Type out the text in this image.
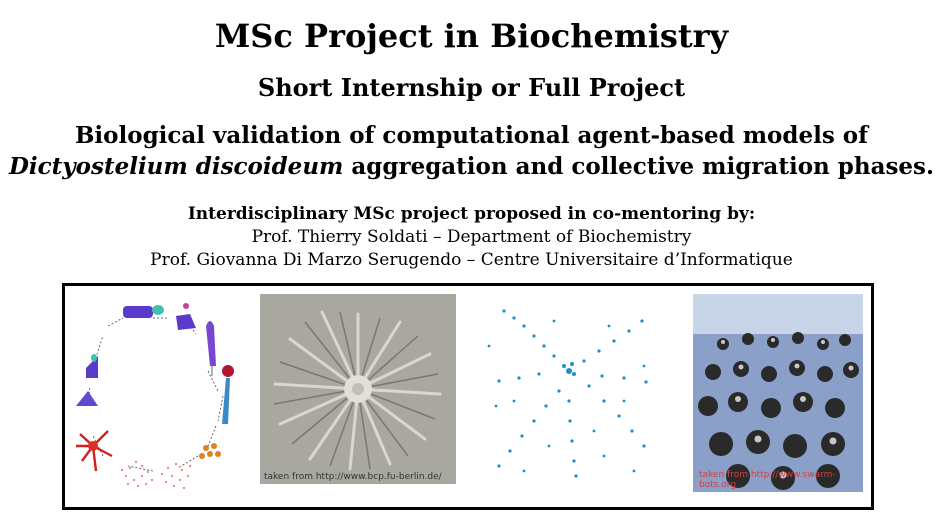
MSc Project in Biochemistry
Short Internship or Full Project
Biological validation of computational agent-based models of
Dictyostelium discoideum aggregation and collective migration phases.
Interdisciplinary MSc project proposed in co-mentoring by:
Prof. Thierry Soldati – Department of Biochemistry
Prof. Giovanna Di Marzo Serugendo – Centre Universitaire d’Informatique
taken from http://www.bcp.fu-berlin.de/	taken from http://www.swarm-bots.org
